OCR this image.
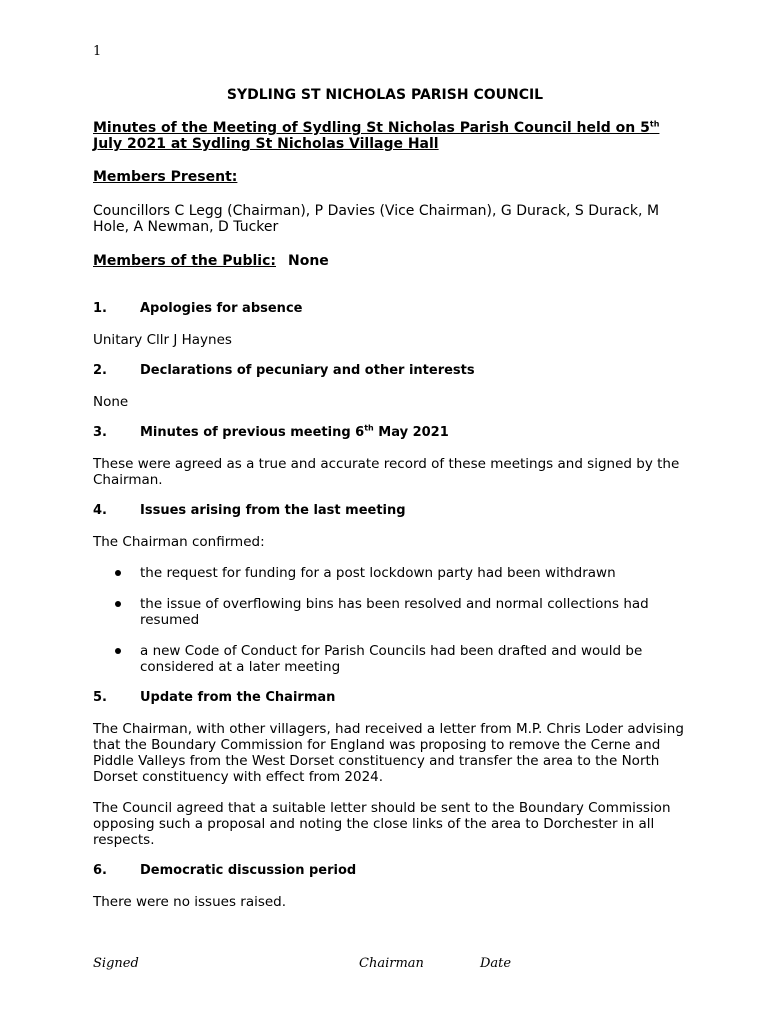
1
SYDLING ST NICHOLAS PARISH COUNCIL
Minutes of the Meeting of Sydling St Nicholas Parish Council held on 5th July 2021 at Sydling St Nicholas Village Hall
Members Present:
Councillors C Legg (Chairman), P Davies (Vice Chairman), G Durack, S Durack, M Hole, A Newman, D Tucker
Members of the Public: None
1.	Apologies for absence
Unitary Cllr J Haynes
2.	Declarations of pecuniary and other interests
None
3.	Minutes of previous meeting 6th May 2021
These were agreed as a true and accurate record of these meetings and signed by the Chairman.
4.	Issues arising from the last meeting
The Chairman confirmed:
the request for funding for a post lockdown party had been withdrawn
the issue of overflowing bins has been resolved and normal collections had resumed
a new Code of Conduct for Parish Councils had been drafted and would be considered at a later meeting
5.	Update from the Chairman
The Chairman, with other villagers, had received a letter from M.P. Chris Loder advising that the Boundary Commission for England was proposing to remove the Cerne and Piddle Valleys from the West Dorset constituency and transfer the area to the North Dorset constituency with effect from 2024.
The Council agreed that a suitable letter should be sent to the Boundary Commission opposing such a proposal and noting the close links of the area to Dorchester in all respects.
6.	Democratic discussion period
There were no issues raised.
Signed	Chairman	Date
